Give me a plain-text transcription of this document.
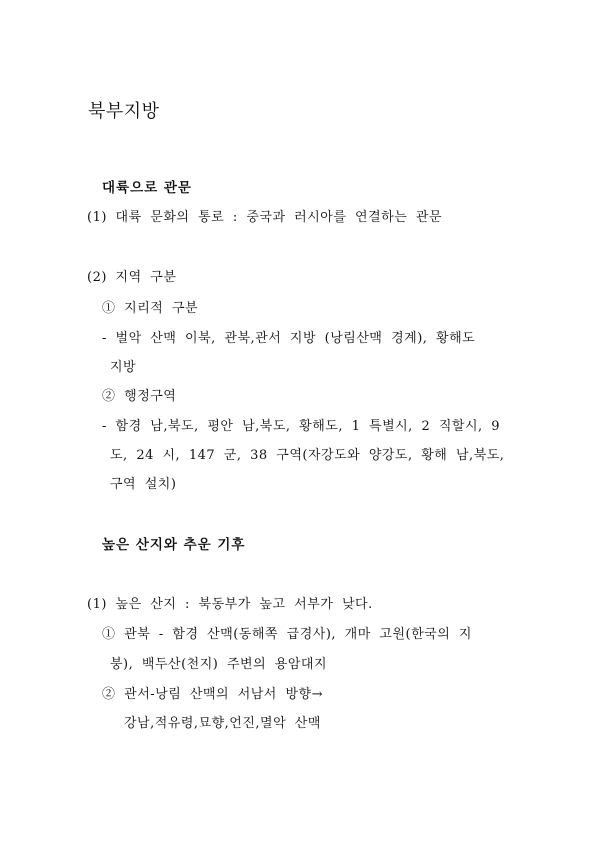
북부지방
대륙으로 관문
(1) 대륙 문화의 통로 : 중국과 러시아를 연결하는 관문
(2) 지역 구분
① 지리적 구분
- 벌악 산맥 이북, 관북,관서 지방 (낭림산맥 경계), 황해도
지방
② 행정구역
- 함경 남,북도, 평안 남,북도, 황해도, 1 특별시, 2 직할시, 9
도, 24 시, 147 군, 38 구역(자강도와 양강도, 황해 남,북도,
구역 설치)
높은 산지와 추운 기후
(1) 높은 산지 : 북동부가 높고 서부가 낮다.
① 관북 - 함경 산맥(동해쪽 급경사), 개마 고원(한국의 지
붕), 백두산(천지) 주변의 용암대지
② 관서-낭림 산맥의 서남서 방향→
강남,적유령,묘향,언진,멸악 산맥
